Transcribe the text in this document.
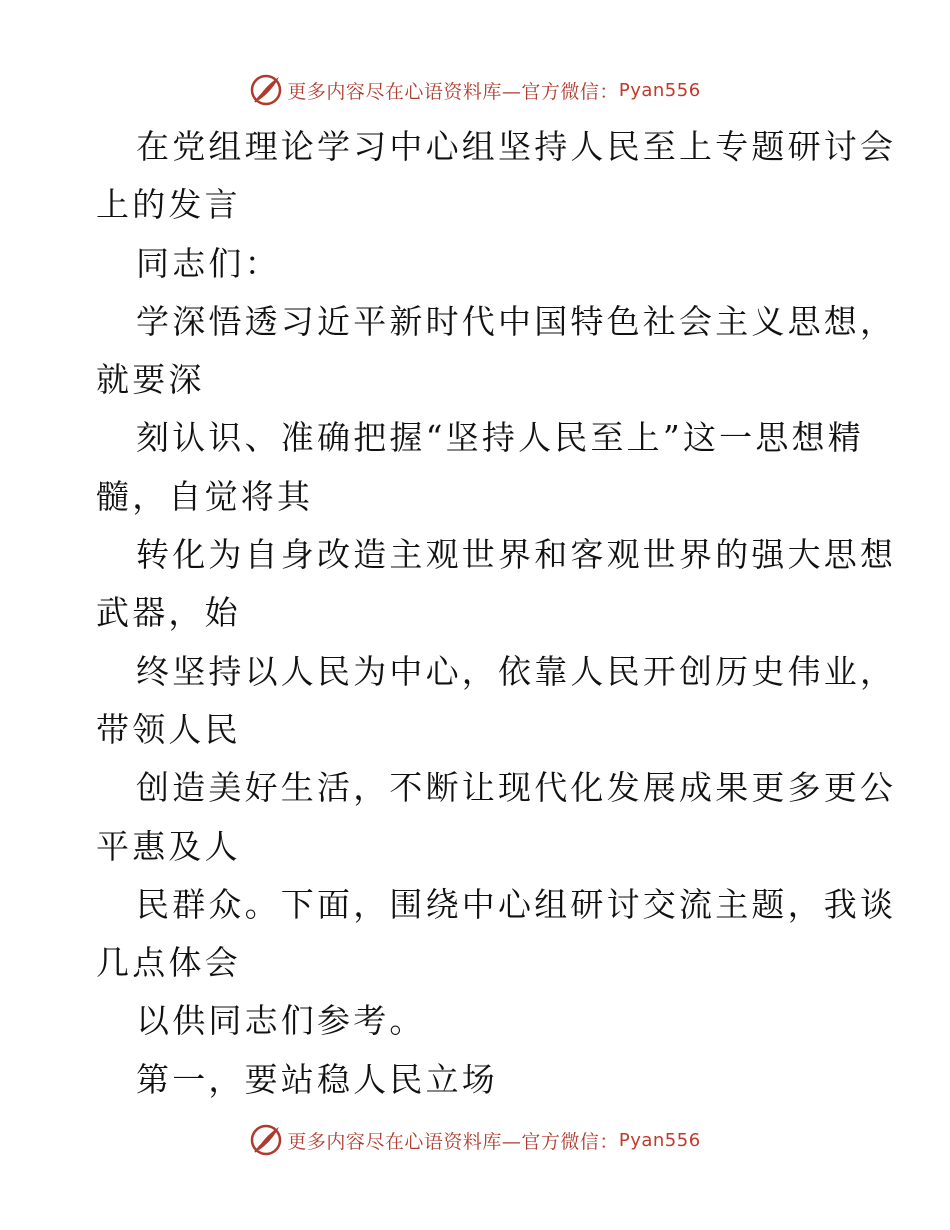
更多内容尽在心语资料库—官方微信： Pyan556
在党组理论学习中心组坚持人民至上专题研讨会
上的发言
同志们：
学深悟透习近平新时代中国特色社会主义思想，
就要深
刻认识、准确把握“坚持人民至上”这一思想精
髓，自觉将其
转化为自身改造主观世界和客观世界的强大思想
武器，始
终坚持以人民为中心，依靠人民开创历史伟业，
带领人民
创造美好生活，不断让现代化发展成果更多更公
平惠及人
民群众。下面，围绕中心组研讨交流主题，我谈
几点体会
以供同志们参考。
第一，要站稳人民立场
更多内容尽在心语资料库—官方微信： Pyan556
